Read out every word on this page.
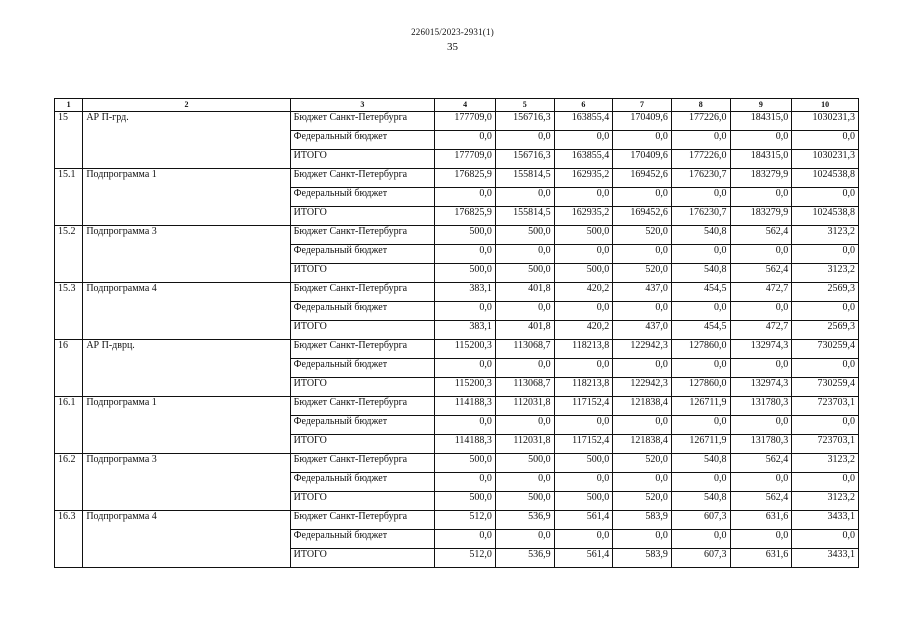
226015/2023-2931(1)
35
1	2	3	4	5	6	7	8	9	10
15	АР П-грд.	Бюджет Санкт-Петербурга	177709,0	156716,3	163855,4	170409,6	177226,0	184315,0	1030231,3
		Федеральный бюджет	0,0	0,0	0,0	0,0	0,0	0,0	0,0
		ИТОГО	177709,0	156716,3	163855,4	170409,6	177226,0	184315,0	1030231,3
15.1	Подпрограмма 1	Бюджет Санкт-Петербурга	176825,9	155814,5	162935,2	169452,6	176230,7	183279,9	1024538,8
		Федеральный бюджет	0,0	0,0	0,0	0,0	0,0	0,0	0,0
		ИТОГО	176825,9	155814,5	162935,2	169452,6	176230,7	183279,9	1024538,8
15.2	Подпрограмма 3	Бюджет Санкт-Петербурга	500,0	500,0	500,0	520,0	540,8	562,4	3123,2
		Федеральный бюджет	0,0	0,0	0,0	0,0	0,0	0,0	0,0
		ИТОГО	500,0	500,0	500,0	520,0	540,8	562,4	3123,2
15.3	Подпрограмма 4	Бюджет Санкт-Петербурга	383,1	401,8	420,2	437,0	454,5	472,7	2569,3
		Федеральный бюджет	0,0	0,0	0,0	0,0	0,0	0,0	0,0
		ИТОГО	383,1	401,8	420,2	437,0	454,5	472,7	2569,3
16	АР П-дврц.	Бюджет Санкт-Петербурга	115200,3	113068,7	118213,8	122942,3	127860,0	132974,3	730259,4
		Федеральный бюджет	0,0	0,0	0,0	0,0	0,0	0,0	0,0
		ИТОГО	115200,3	113068,7	118213,8	122942,3	127860,0	132974,3	730259,4
16.1	Подпрограмма 1	Бюджет Санкт-Петербурга	114188,3	112031,8	117152,4	121838,4	126711,9	131780,3	723703,1
		Федеральный бюджет	0,0	0,0	0,0	0,0	0,0	0,0	0,0
		ИТОГО	114188,3	112031,8	117152,4	121838,4	126711,9	131780,3	723703,1
16.2	Подпрограмма 3	Бюджет Санкт-Петербурга	500,0	500,0	500,0	520,0	540,8	562,4	3123,2
		Федеральный бюджет	0,0	0,0	0,0	0,0	0,0	0,0	0,0
		ИТОГО	500,0	500,0	500,0	520,0	540,8	562,4	3123,2
16.3	Подпрограмма 4	Бюджет Санкт-Петербурга	512,0	536,9	561,4	583,9	607,3	631,6	3433,1
		Федеральный бюджет	0,0	0,0	0,0	0,0	0,0	0,0	0,0
		ИТОГО	512,0	536,9	561,4	583,9	607,3	631,6	3433,1
